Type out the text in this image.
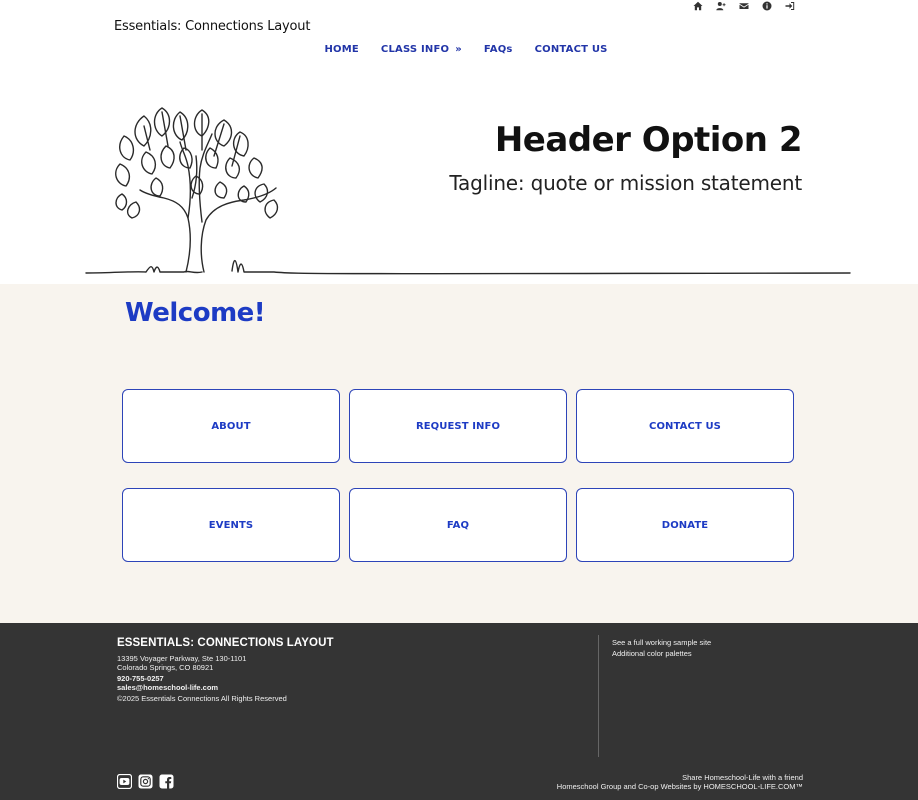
Essentials: Connections Layout
HOME CLASS INFO » FAQs CONTACT US
Header Option 2

Tagline: quote or mission statement

Welcome!
ABOUT	REQUEST INFO	CONTACT US
EVENTS	FAQ	DONATE
ESSENTIALS: CONNECTIONS LAYOUT
13395 Voyager Parkway, Ste 130-1101
Colorado Springs, CO 80921
920-755-0257
sales@homeschool-life.com
©2025 Essentials Connections All Rights Reserved
See a full working sample site
Additional color palettes
Share Homeschool-Life with a friend
Homeschool Group and Co-op Websites by HOMESCHOOL-LIFE.COM™
